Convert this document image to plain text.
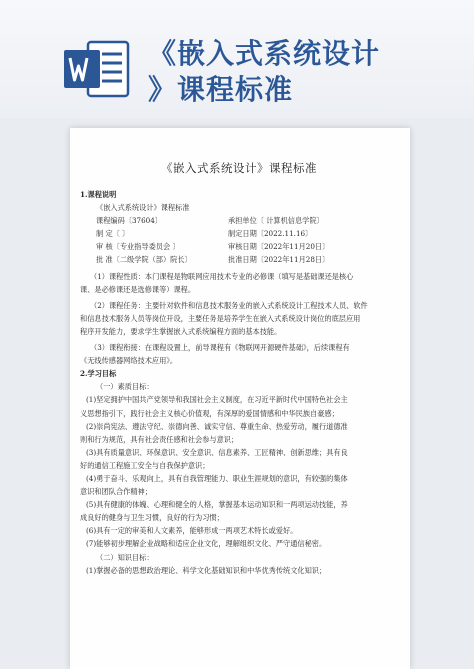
《嵌入式系统设计
》课程标准
《嵌入式系统设计》课程标准
1.课程说明
《嵌入式系统设计》课程标准
课程编码〔37604〕	承担单位〔 计算机信息学院〕
制 定〔 〕	制定日期〔2022.11.16〕
审 核〔专业指导委员会 〕	审核日期〔2022年11月20日〕
批 准〔二级学院（部）院长〕	批准日期〔2022年11月28日〕
（1）课程性质：本门课程是物联网应用技术专业的必修课（填写是基础课还是核心
课、是必修课还是选修课等）课程。
（2）课程任务：主要针对软件和信息技术服务业的嵌入式系统设计工程技术人员、软件
和信息技术服务人员等岗位开设，主要任务是培养学生在嵌入式系统设计岗位的底层应用
程序开发能力，要求学生掌握嵌入式系统编程方面的基本技能。
（3）课程衔接：在课程设置上，前导课程有《物联网开源硬件基础》，后续课程有
《无线传感器网络技术应用》。
2.学习目标
（一）素质目标：
(1)坚定拥护中国共产党领导和我国社会主义制度，在习近平新时代中国特色社会主
义思想指引下，践行社会主义核心价值观，有深厚的爱国情感和中华民族自豪感；
(2)崇尚宪法、遵法守纪、崇德向善、诚实守信、尊重生命、热爱劳动，履行道德准
则和行为规范，具有社会责任感和社会参与意识；
(3)具有质量意识、环保意识、安全意识、信息素养、工匠精神、创新思维；具有良
好的通信工程施工安全与自我保护意识；
(4)勇于奋斗、乐观向上，具有自我管理能力、职业生涯规划的意识，有较强的集体
意识和团队合作精神；
(5)具有健康的体魄、心理和健全的人格，掌握基本运动知识和一两项运动技能，养
成良好的健身与卫生习惯，良好的行为习惯；
(6)具有一定的审美和人文素养，能够形成一两项艺术特长或爱好。
(7)能够初步理解企业战略和适应企业文化，理解组织文化、严守通信秘密。
（二）知识目标：
(1)掌握必备的思想政治理论、科学文化基础知识和中华优秀传统文化知识；
